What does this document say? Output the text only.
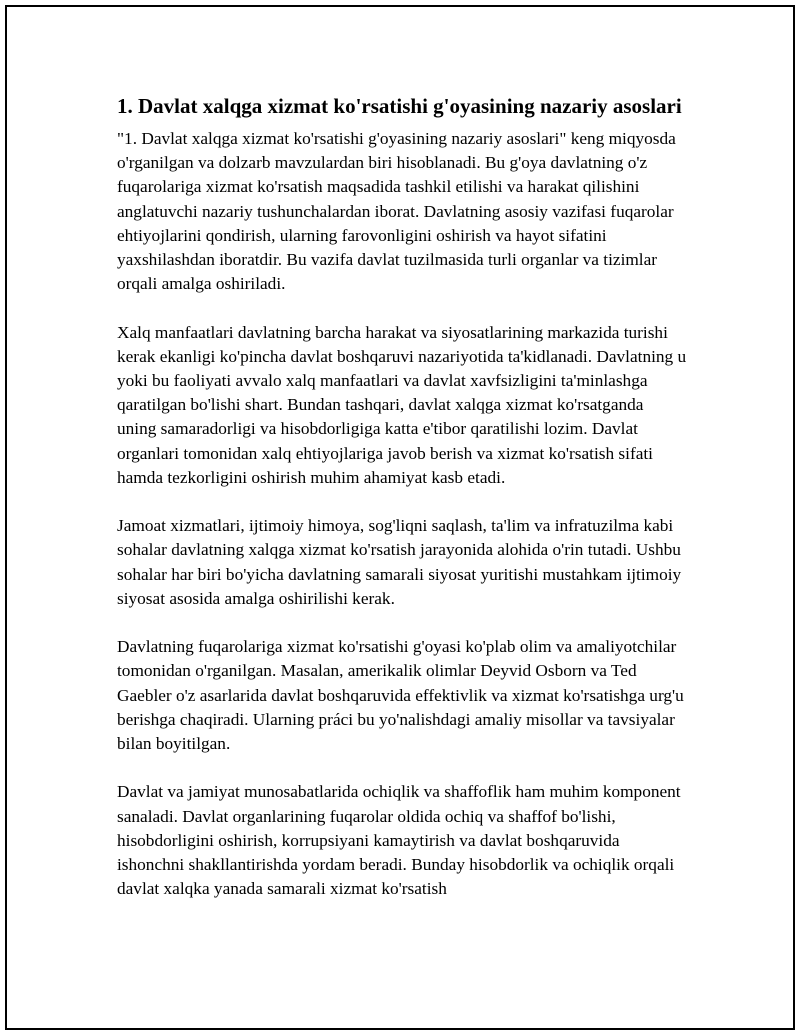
1. Davlat xalqga xizmat ko'rsatishi g'oyasining nazariy asoslari

"1. Davlat xalqga xizmat ko'rsatishi g'oyasining nazariy asoslari" keng miqyosda o'rganilgan va dolzarb mavzulardan biri hisoblanadi. Bu g'oya davlatning o'z fuqarolariga xizmat ko'rsatish maqsadida tashkil etilishi va harakat qilishini anglatuvchi nazariy tushunchalardan iborat. Davlatning asosiy vazifasi fuqarolar ehtiyojlarini qondirish, ularning farovonligini oshirish va hayot sifatini yaxshilashdan iboratdir. Bu vazifa davlat tuzilmasida turli organlar va tizimlar orqali amalga oshiriladi.

Xalq manfaatlari davlatning barcha harakat va siyosatlarining markazida turishi kerak ekanligi ko'pincha davlat boshqaruvi nazariyotida ta'kidlanadi. Davlatning u yoki bu faoliyati avvalo xalq manfaatlari va davlat xavfsizligini ta'minlashga qaratilgan bo'lishi shart. Bundan tashqari, davlat xalqga xizmat ko'rsatganda uning samaradorligi va hisobdorligiga katta e'tibor qaratilishi lozim. Davlat organlari tomonidan xalq ehtiyojlariga javob berish va xizmat ko'rsatish sifati hamda tezkorligini oshirish muhim ahamiyat kasb etadi.

Jamoat xizmatlari, ijtimoiy himoya, sog'liqni saqlash, ta'lim va infratuzilma kabi sohalar davlatning xalqga xizmat ko'rsatish jarayonida alohida o'rin tutadi. Ushbu sohalar har biri bo'yicha davlatning samarali siyosat yuritishi mustahkam ijtimoiy siyosat asosida amalga oshirilishi kerak.

Davlatning fuqarolariga xizmat ko'rsatishi g'oyasi ko'plab olim va amaliyotchilar tomonidan o'rganilgan. Masalan, amerikalik olimlar Deyvid Osborn va Ted Gaebler o'z asarlarida davlat boshqaruvida effektivlik va xizmat ko'rsatishga urg'u berishga chaqiradi. Ularning práci bu yo'nalishdagi amaliy misollar va tavsiyalar bilan boyitilgan.

Davlat va jamiyat munosabatlarida ochiqlik va shaffoflik ham muhim komponent sanaladi. Davlat organlarining fuqarolar oldida ochiq va shaffof bo'lishi, hisobdorligini oshirish, korrupsiyani kamaytirish va davlat boshqaruvida ishonchni shakllantirishda yordam beradi. Bunday hisobdorlik va ochiqlik orqali davlat xalqka yanada samarali xizmat ko'rsatish
